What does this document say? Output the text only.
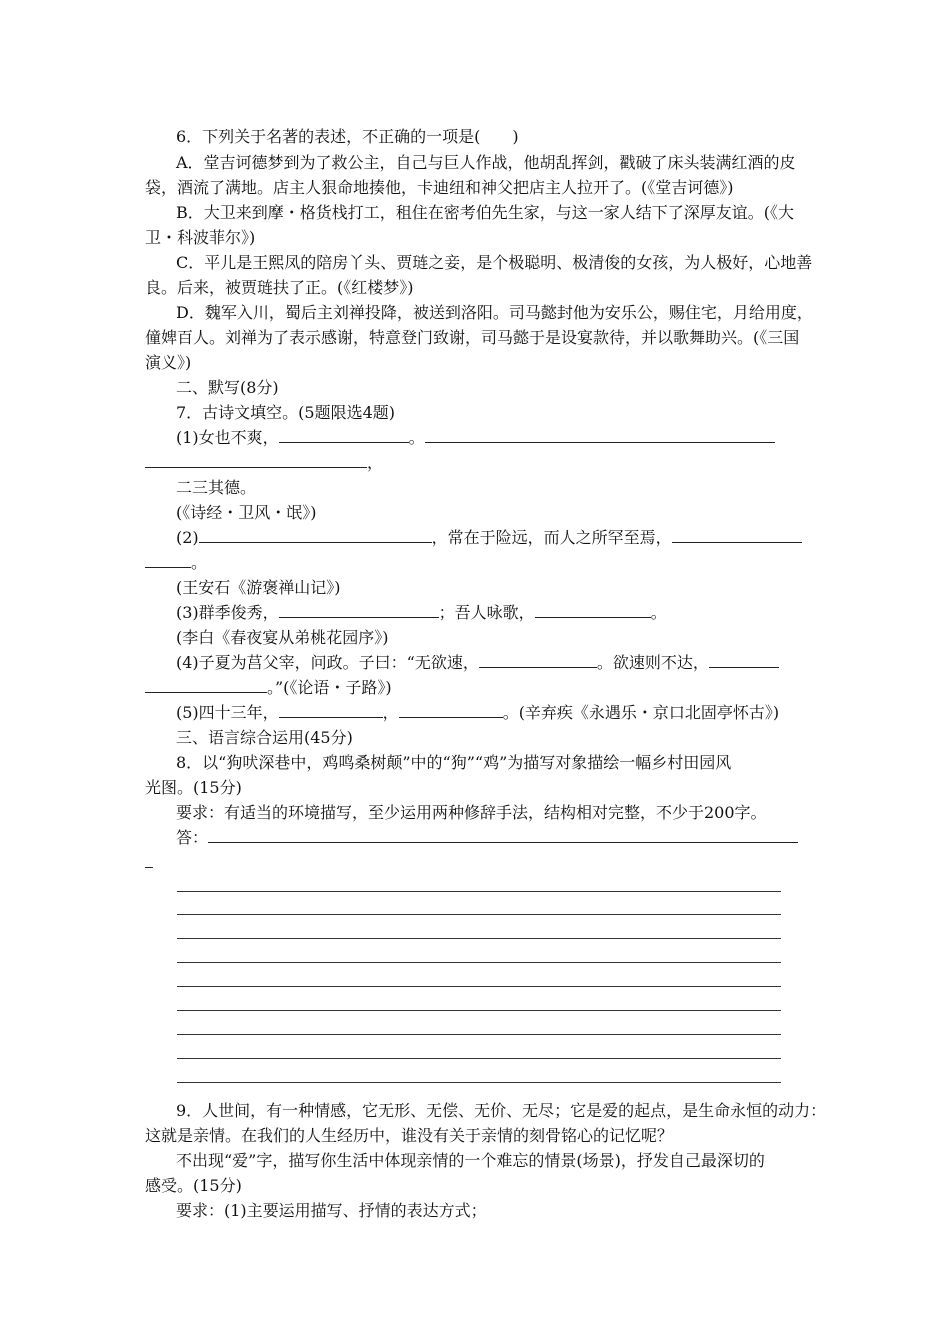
6．下列关于名著的表述，不正确的一项是(　　)
A．堂吉诃德梦到为了救公主，自己与巨人作战，他胡乱挥剑，戳破了床头装满红酒的皮
袋，酒流了满地。店主人狠命地揍他，卡迪纽和神父把店主人拉开了。(《堂吉诃德》)
B．大卫来到摩・格货栈打工，租住在密考伯先生家，与这一家人结下了深厚友谊。(《大
卫・科波菲尔》)
C．平儿是王熙凤的陪房丫头、贾琏之妾，是个极聪明、极清俊的女孩，为人极好，心地善
良。后来，被贾琏扶了正。(《红楼梦》)
D．魏军入川，蜀后主刘禅投降，被送到洛阳。司马懿封他为安乐公，赐住宅，月给用度，
僮婢百人。刘禅为了表示感谢，特意登门致谢，司马懿于是设宴款待，并以歌舞助兴。(《三国
演义》)
二、默写(8分)
7．古诗文填空。(5题限选4题)
(1)女也不爽，	。
，
二三其德。
(《诗经・卫风・氓》)
(2)	，常在于险远，而人之所罕至焉，
。
(王安石《游褒禅山记》)
(3)群季俊秀，	；吾人咏歌，	。
(李白《春夜宴从弟桃花园序》)
(4)子夏为莒父宰，问政。子曰：“无欲速，	。欲速则不达，
。”(《论语・子路》)
(5)四十三年，	，	。(辛弃疾《永遇乐・京口北固亭怀古》)
三、语言综合运用(45分)
8．以“狗吠深巷中，鸡鸣桑树颠”中的“狗”“鸡”为描写对象描绘一幅乡村田园风
光图。(15分)
要求：有适当的环境描写，至少运用两种修辞手法，结构相对完整，不少于200字。
答：
9．人世间，有一种情感，它无形、无偿、无价、无尽；它是爱的起点，是生命永恒的动力：
这就是亲情。在我们的人生经历中，谁没有关于亲情的刻骨铭心的记忆呢？
不出现“爱”字，描写你生活中体现亲情的一个难忘的情景(场景)，抒发自己最深切的
感受。(15分)
要求：(1)主要运用描写、抒情的表达方式；
